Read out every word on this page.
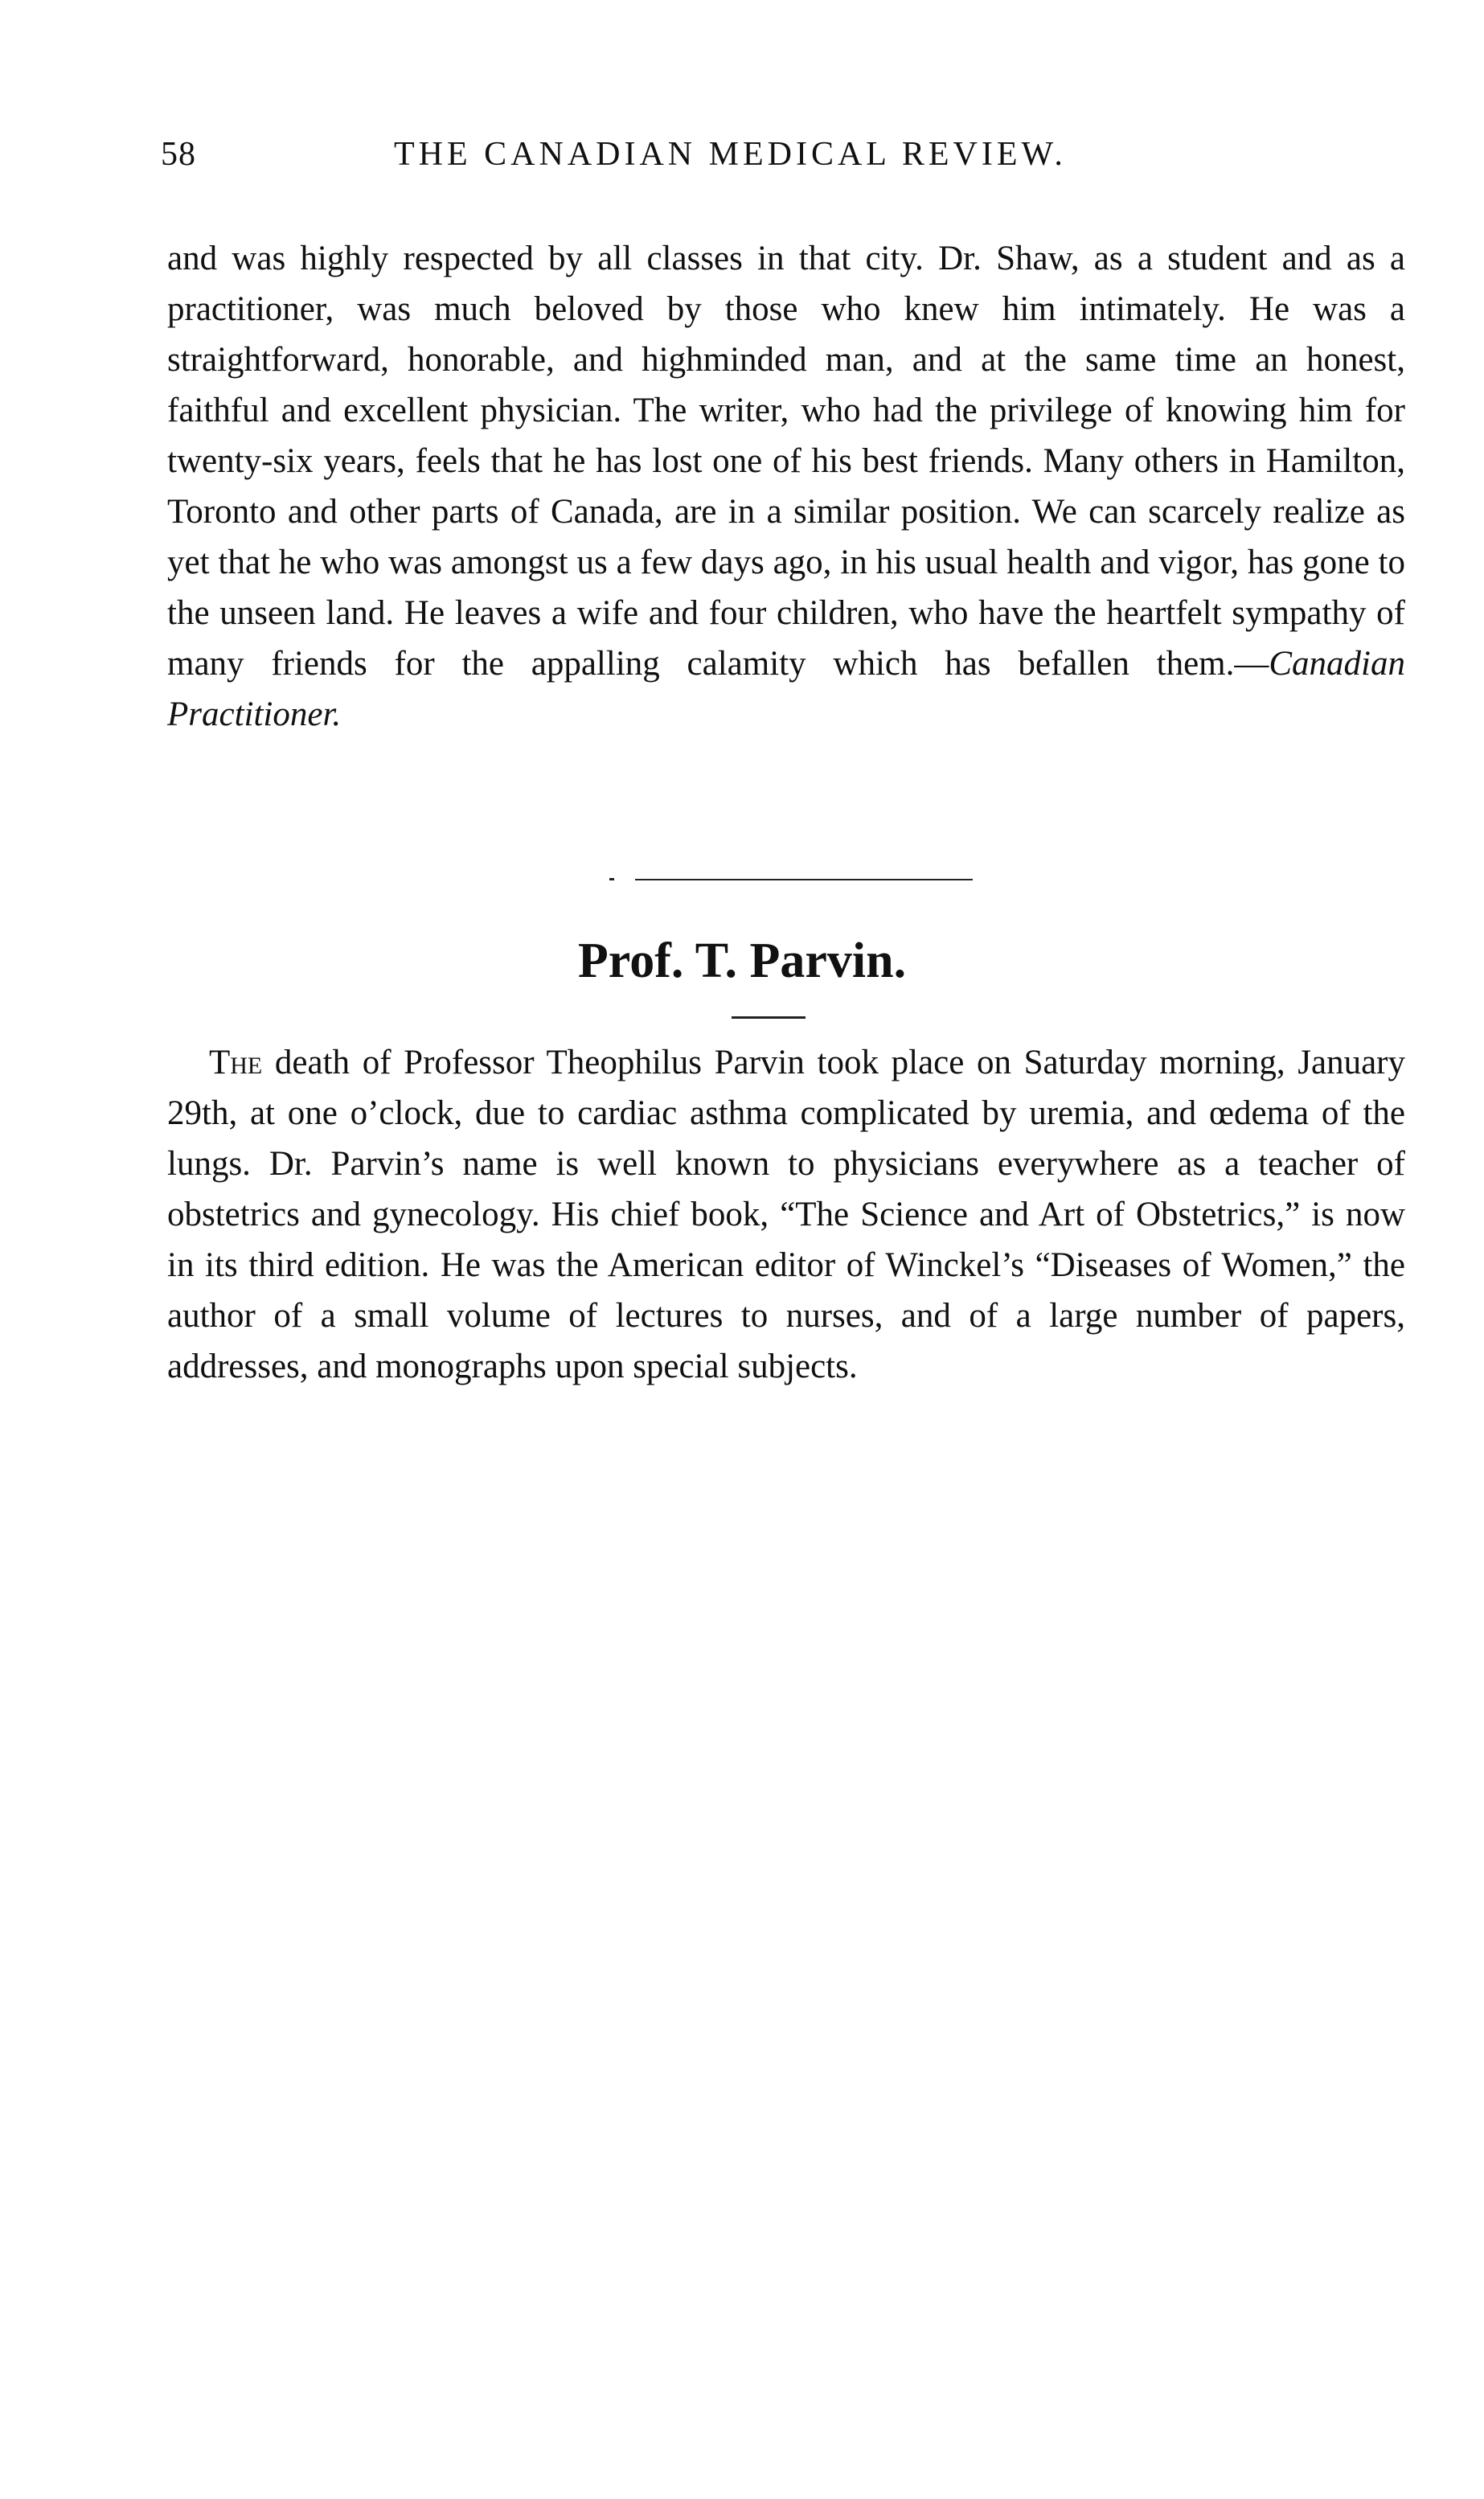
58	THE CANADIAN MEDICAL REVIEW.

and was highly respected by all classes in that city. Dr. Shaw, as a student and as a practitioner, was much beloved by those who knew him intimately. He was a straightforward, honorable, and highminded man, and at the same time an honest, faithful and excellent physician. The writer, who had the privilege of knowing him for twenty-six years, feels that he has lost one of his best friends. Many others in Hamilton, Toronto and other parts of Canada, are in a similar position. We can scarcely realize as yet that he who was amongst us a few days ago, in his usual health and vigor, has gone to the unseen land. He leaves a wife and four children, who have the heartfelt sympathy of many friends for the appalling calamity which has befallen them.—Canadian Practitioner.

Prof. T. Parvin.

The death of Professor Theophilus Parvin took place on Saturday morning, January 29th, at one o’clock, due to cardiac asthma complicated by uremia, and œdema of the lungs. Dr. Parvin’s name is well known to physicians everywhere as a teacher of obstetrics and gynecology. His chief book, “The Science and Art of Obstetrics,” is now in its third edition. He was the American editor of Winckel’s “Diseases of Women,” the author of a small volume of lectures to nurses, and of a large number of papers, addresses, and monographs upon special subjects.
